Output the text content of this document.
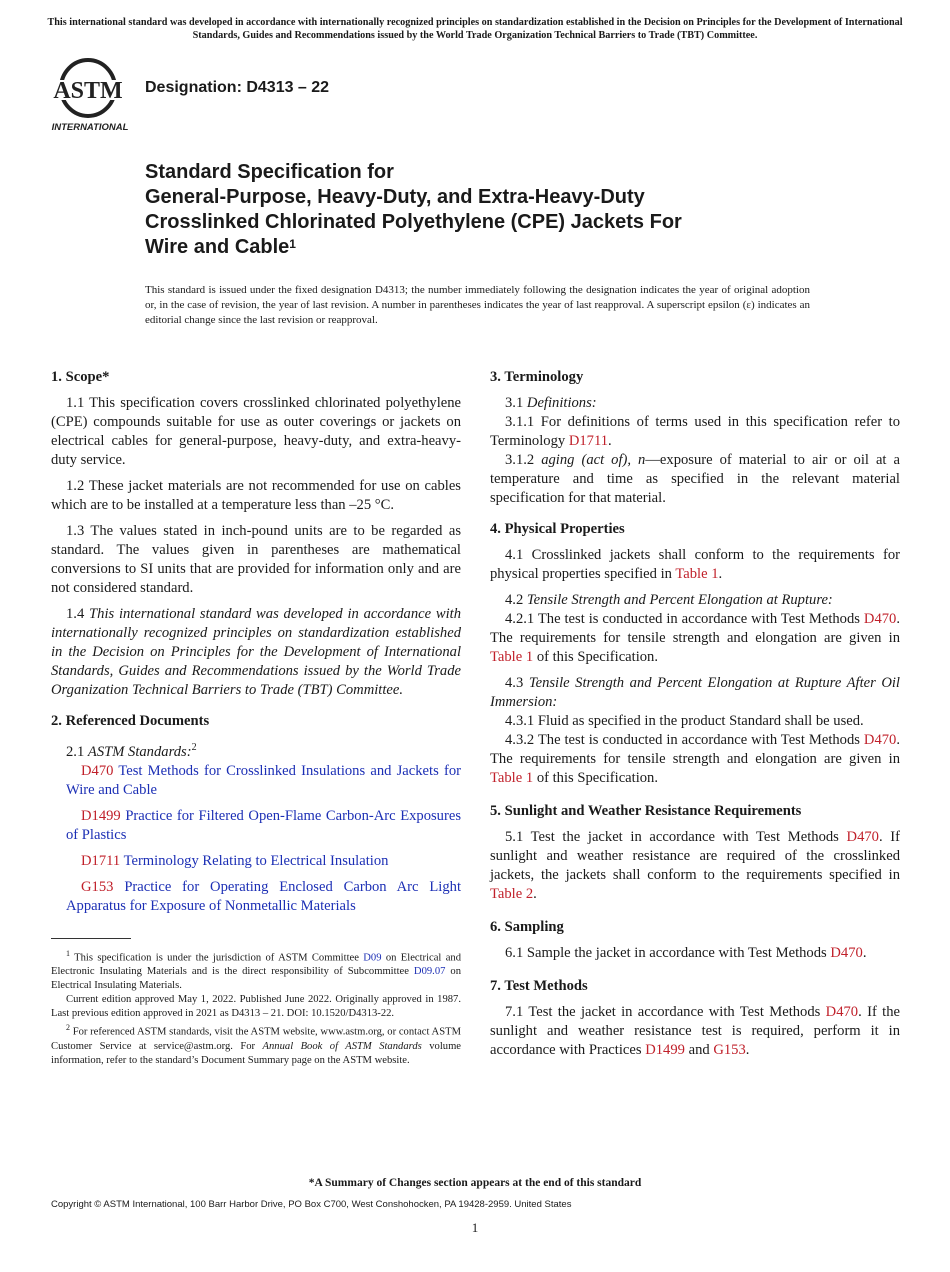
This international standard was developed in accordance with internationally recognized principles on standardization established in the Decision on Principles for the Development of International Standards, Guides and Recommendations issued by the World Trade Organization Technical Barriers to Trade (TBT) Committee.
ASTM
INTERNATIONAL
Designation: D4313 – 22
Standard Specification for
General-Purpose, Heavy-Duty, and Extra-Heavy-Duty
Crosslinked Chlorinated Polyethylene (CPE) Jackets For
Wire and Cable$^1$
This standard is issued under the fixed designation D4313; the number immediately following the designation indicates the year of original adoption or, in the case of revision, the year of last revision. A number in parentheses indicates the year of last reapproval. A superscript epsilon (ε) indicates an editorial change since the last revision or reapproval.
1. Scope*

1.1 This specification covers crosslinked chlorinated polyethylene (CPE) compounds suitable for use as outer coverings or jackets on electrical cables for general-purpose, heavy-duty, and extra-heavy-duty service.

1.2 These jacket materials are not recommended for use on cables which are to be installed at a temperature less than –25 °C.

1.3 The values stated in inch-pound units are to be regarded as standard. The values given in parentheses are mathematical conversions to SI units that are provided for information only and are not considered standard.

1.4 This international standard was developed in accordance with internationally recognized principles on standardization established in the Decision on Principles for the Development of International Standards, Guides and Recommendations issued by the World Trade Organization Technical Barriers to Trade (TBT) Committee.

2. Referenced Documents

2.1 ASTM Standards:$^2$

D470 Test Methods for Crosslinked Insulations and Jackets for Wire and Cable

D1499 Practice for Filtered Open-Flame Carbon-Arc Exposures of Plastics

D1711 Terminology Relating to Electrical Insulation

G153 Practice for Operating Enclosed Carbon Arc Light Apparatus for Exposure of Nonmetallic Materials

$^1$ This specification is under the jurisdiction of ASTM Committee D09 on Electrical and Electronic Insulating Materials and is the direct responsibility of Subcommittee D09.07 on Electrical Insulating Materials.

Current edition approved May 1, 2022. Published June 2022. Originally approved in 1987. Last previous edition approved in 2021 as D4313 – 21. DOI: 10.1520/D4313-22.

$^2$ For referenced ASTM standards, visit the ASTM website, www.astm.org, or contact ASTM Customer Service at service@astm.org. For Annual Book of ASTM Standards volume information, refer to the standard’s Document Summary page on the ASTM website.

3. Terminology

3.1 Definitions:

3.1.1 For definitions of terms used in this specification refer to Terminology D1711.

3.1.2 aging (act of), n—exposure of material to air or oil at a temperature and time as specified in the relevant material specification for that material.

4. Physical Properties

4.1 Crosslinked jackets shall conform to the requirements for physical properties specified in Table 1.

4.2 Tensile Strength and Percent Elongation at Rupture:

4.2.1 The test is conducted in accordance with Test Methods D470. The requirements for tensile strength and elongation are given in Table 1 of this Specification.

4.3 Tensile Strength and Percent Elongation at Rupture After Oil Immersion:

4.3.1 Fluid as specified in the product Standard shall be used.

4.3.2 The test is conducted in accordance with Test Methods D470. The requirements for tensile strength and elongation are given in Table 1 of this Specification.

5. Sunlight and Weather Resistance Requirements

5.1 Test the jacket in accordance with Test Methods D470. If sunlight and weather resistance are required of the crosslinked jackets, the jackets shall conform to the requirements specified in Table 2.

6. Sampling

6.1 Sample the jacket in accordance with Test Methods D470.

7. Test Methods

7.1 Test the jacket in accordance with Test Methods D470. If the sunlight and weather resistance test is required, perform it in accordance with Practices D1499 and G153.

*A Summary of Changes section appears at the end of this standard
Copyright © ASTM International, 100 Barr Harbor Drive, PO Box C700, West Conshohocken, PA 19428-2959. United States
1
